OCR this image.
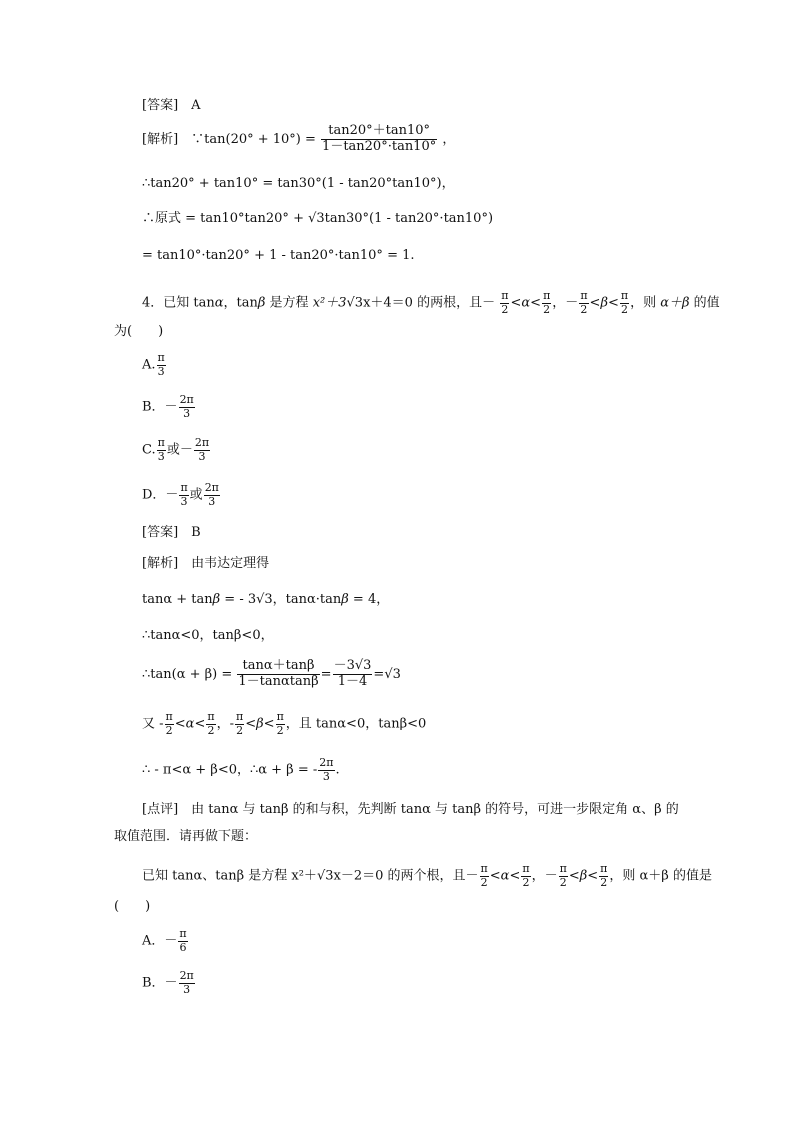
[答案]　A
[解析]　∵tan(20° + $10^\circ) = \frac{\tan 20^\circ+\tan 10^\circ}{1-\tan 20^\circ\cdot\tan 10^\circ}$ ，
∴tan20° + tan10° = tan30°(1 - tan20°tan10°)，
∴原式 = tan10°tan20° + √3tan30°(1 - tan20°·tan10°)
= tan10°·tan20° + 1 - tan20°·tan10° = 1.
4．已知 tanα，tanβ 是方程 x²＋3√3x＋4＝0 的两根，且－ $\frac{\pi}{2} <\alpha< \frac{\pi}{2}$ ，－ $\frac{\pi}{2} <\beta< \frac{\pi}{2}$ ，则 α＋β 的值
为(　　)
A. $\frac{\pi}{3}$
B．－ $\frac{2\pi}{3}$
C. $\frac{\pi}{3}$ 或－ $\frac{2\pi}{3}$
D．－ $\frac{\pi}{3}$ 或 $\frac{2\pi}{3}$
[答案]　B
[解析]　由韦达定理得
tanα + tanβ = - 3√3，tanα·tanβ = 4，
∴tanα<0，tanβ<0，
∴tan(α + $\beta) = \frac{\tan\alpha+\tan\beta}{1-\tan\alpha\tan\beta} = \frac{-3√3}{1-4} =√3$
又 - $\frac{\pi}{2} <\alpha< \frac{\pi}{2}$ ，- $\frac{\pi}{2} <\beta< \frac{\pi}{2}$ ，且 tanα<0，tanβ<0
∴ - π<α + β<0，∴α + β = - $\frac{2\pi}{3}$ .
[点评]　由 tanα 与 tanβ 的和与积，先判断 tanα 与 tanβ 的符号，可进一步限定角 α、β 的
取值范围．请再做下题：
已知 tanα、tanβ 是方程 x²＋√3x－2＝0 的两个根，且－ $\frac{\pi}{2} <\alpha< \frac{\pi}{2}$ ，－ $\frac{\pi}{2} <\beta< \frac{\pi}{2}$ ，则 α＋β 的值是
(　　)
A．－ $\frac{\pi}{6}$
B．－ $\frac{2\pi}{3}$
